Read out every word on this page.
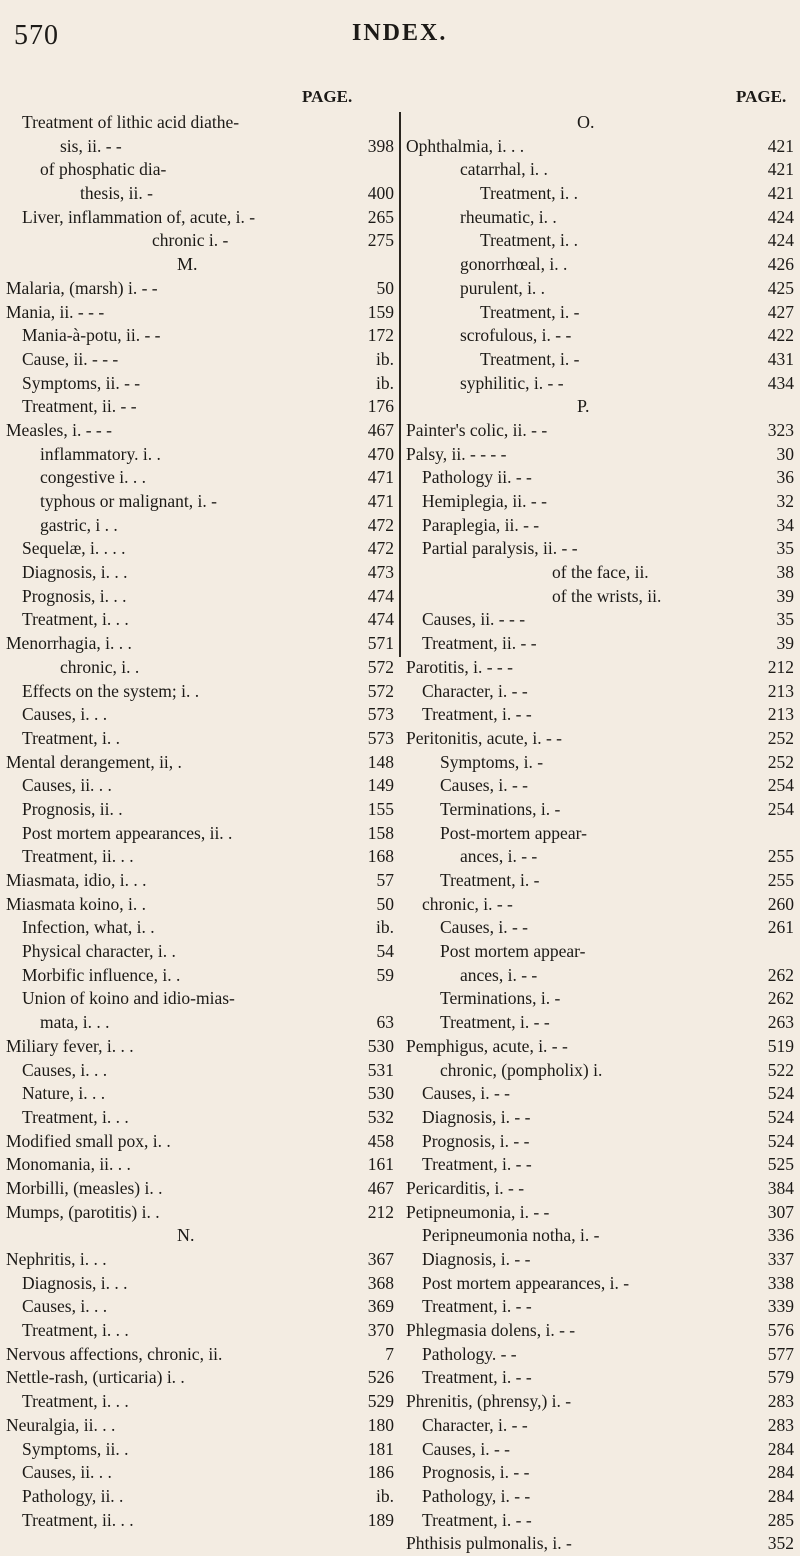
570	INDEX.
PAGE.
Treatment of lithic acid diathe-
sis, ii. - -	398
of phosphatic dia-
thesis, ii. -	400
Liver, inflammation of, acute, i. -	265
chronic i. -	275
M.
Malaria, (marsh) i. - -	50
Mania, ii. - - -	159
Mania-à-potu, ii. - -	172
Cause, ii. - - -	ib.
Symptoms, ii. - -	ib.
Treatment, ii. - -	176
Measles, i. - - -	467
inflammatory. i. .	470
congestive i. . .	471
typhous or malignant, i. -	471
gastric, i . .	472
Sequelæ, i. . . .	472
Diagnosis, i. . .	473
Prognosis, i. . .	474
Treatment, i. . .	474
Menorrhagia, i. . .	571
chronic, i. .	572
Effects on the system; i. .	572
Causes, i. . .	573
Treatment, i. .	573
Mental derangement, ii, .	148
Causes, ii. . .	149
Prognosis, ii. .	155
Post mortem appearances, ii. .	158
Treatment, ii. . .	168
Miasmata, idio, i. . .	57
Miasmata koino, i. .	50
Infection, what, i. .	ib.
Physical character, i. .	54
Morbific influence, i. .	59
Union of koino and idio-mias-
mata, i. . .	63
Miliary fever, i. . .	530
Causes, i. . .	531
Nature, i. . .	530
Treatment, i. . .	532
Modified small pox, i. .	458
Monomania, ii. . .	161
Morbilli, (measles) i. .	467
Mumps, (parotitis) i. .	212
N.
Nephritis, i. . .	367
Diagnosis, i. . .	368
Causes, i. . .	369
Treatment, i. . .	370
Nervous affections, chronic, ii.	7
Nettle-rash, (urticaria) i. .	526
Treatment, i. . .	529
Neuralgia, ii. . .	180
Symptoms, ii. .	181
Causes, ii. . .	186
Pathology, ii. .	ib.
Treatment, ii. . .	189
PAGE.
O.
Ophthalmia, i. . .	421
catarrhal, i. .	421
Treatment, i. .	421
rheumatic, i. .	424
Treatment, i. .	424
gonorrhœal, i. .	426
purulent, i. .	425
Treatment, i. -	427
scrofulous, i. - -	422
Treatment, i. -	431
syphilitic, i. - -	434
P.
Painter's colic, ii. - -	323
Palsy, ii. - - - -	30
Pathology ii. - -	36
Hemiplegia, ii. - -	32
Paraplegia, ii. - -	34
Partial paralysis, ii. - -	35
of the face, ii.	38
of the wrists, ii.	39
Causes, ii. - - -	35
Treatment, ii. - -	39
Parotitis, i. - - -	212
Character, i. - -	213
Treatment, i. - -	213
Peritonitis, acute, i. - -	252
Symptoms, i. -	252
Causes, i. - -	254
Terminations, i. -	254
Post-mortem appear-
ances, i. - -	255
Treatment, i. -	255
chronic, i. - -	260
Causes, i. - -	261
Post mortem appear-
ances, i. - -	262
Terminations, i. -	262
Treatment, i. - -	263
Pemphigus, acute, i. - -	519
chronic, (pompholix) i.	522
Causes, i. - -	524
Diagnosis, i. - -	524
Prognosis, i. - -	524
Treatment, i. - -	525
Pericarditis, i. - -	384
Petipneumonia, i. - -	307
Peripneumonia notha, i. -	336
Diagnosis, i. - -	337
Post mortem appearances, i. -	338
Treatment, i. - -	339
Phlegmasia dolens, i. - -	576
Pathology. - -	577
Treatment, i. - -	579
Phrenitis, (phrensy,) i. -	283
Character, i. - -	283
Causes, i. - -	284
Prognosis, i. - -	284
Pathology, i. - -	284
Treatment, i. - -	285
Phthisis pulmonalis, i. -	352
